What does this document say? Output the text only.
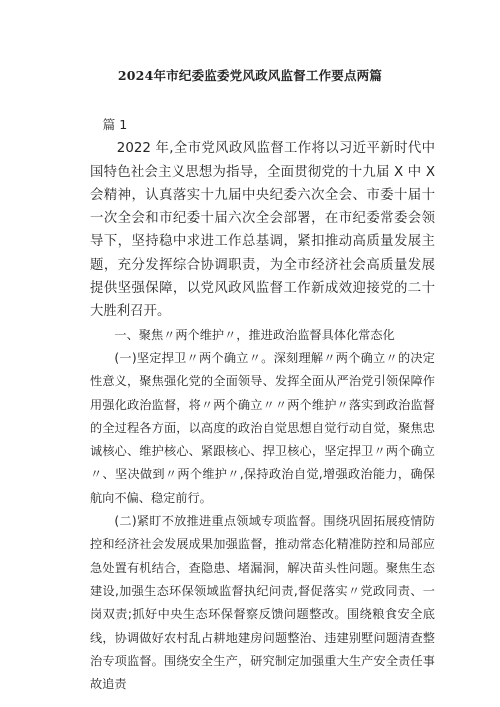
2024年市纪委监委党风政风监督工作要点两篇

篇 1

2022 年,全市党风政风监督工作将以习近平新时代中国特色社会主义思想为指导，全面贯彻党的十九届 X 中 X 会精神，认真落实十九届中央纪委六次全会、市委十届十一次全会和市纪委十届六次全会部署，在市纪委常委会领导下，坚持稳中求进工作总基调，紧扣推动高质量发展主题，充分发挥综合协调职责，为全市经济社会高质量发展提供坚强保障，以党风政风监督工作新成效迎接党的二十大胜利召开。

一、聚焦〃两个维护〃，推进政治监督具体化常态化

(一)坚定捍卫〃两个确立〃。深刻理解〃两个确立〃的决定性意义，聚焦强化党的全面领导、发挥全面从严治党引领保障作用强化政治监督，将〃两个确立〃〃两个维护〃落实到政治监督的全过程各方面，以高度的政治自觉思想自觉行动自觉，聚焦忠诚核心、维护核心、紧跟核心、捍卫核心，坚定捍卫〃两个确立〃、坚决做到〃两个维护〃,保持政治自觉,增强政治能力，确保航向不偏、稳定前行。

(二)紧盯不放推进重点领域专项监督。围绕巩固拓展疫情防控和经济社会发展成果加强监督，推动常态化精准防控和局部应急处置有机结合，查隐患、堵漏洞，解决苗头性问题。聚焦生态建设,加强生态环保领域监督执纪问责,督促落实〃党政同责、一岗双责;抓好中央生态环保督察反馈问题整改。围绕粮食安全底线，协调做好农村乱占耕地建房问题整治、违建别墅问题清查整治专项监督。围绕安全生产，研究制定加强重大生产安全责任事故追责
